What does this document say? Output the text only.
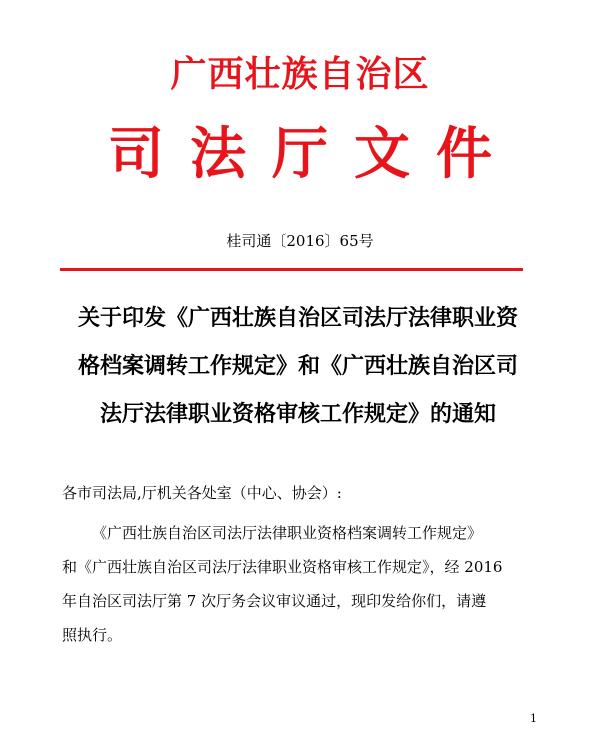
广西壮族自治区
司法厅文件
桂司通〔2016〕65号
关于印发《广西壮族自治区司法厅法律职业资
格档案调转工作规定》和《广西壮族自治区司
法厅法律职业资格审核工作规定》的通知
各市司法局,厅机关各处室（中心、协会）:
《广西壮族自治区司法厅法律职业资格档案调转工作规定》
和《广西壮族自治区司法厅法律职业资格审核工作规定》，经 2016
年自治区司法厅第 7 次厅务会议审议通过，现印发给你们，请遵
照执行。
1
